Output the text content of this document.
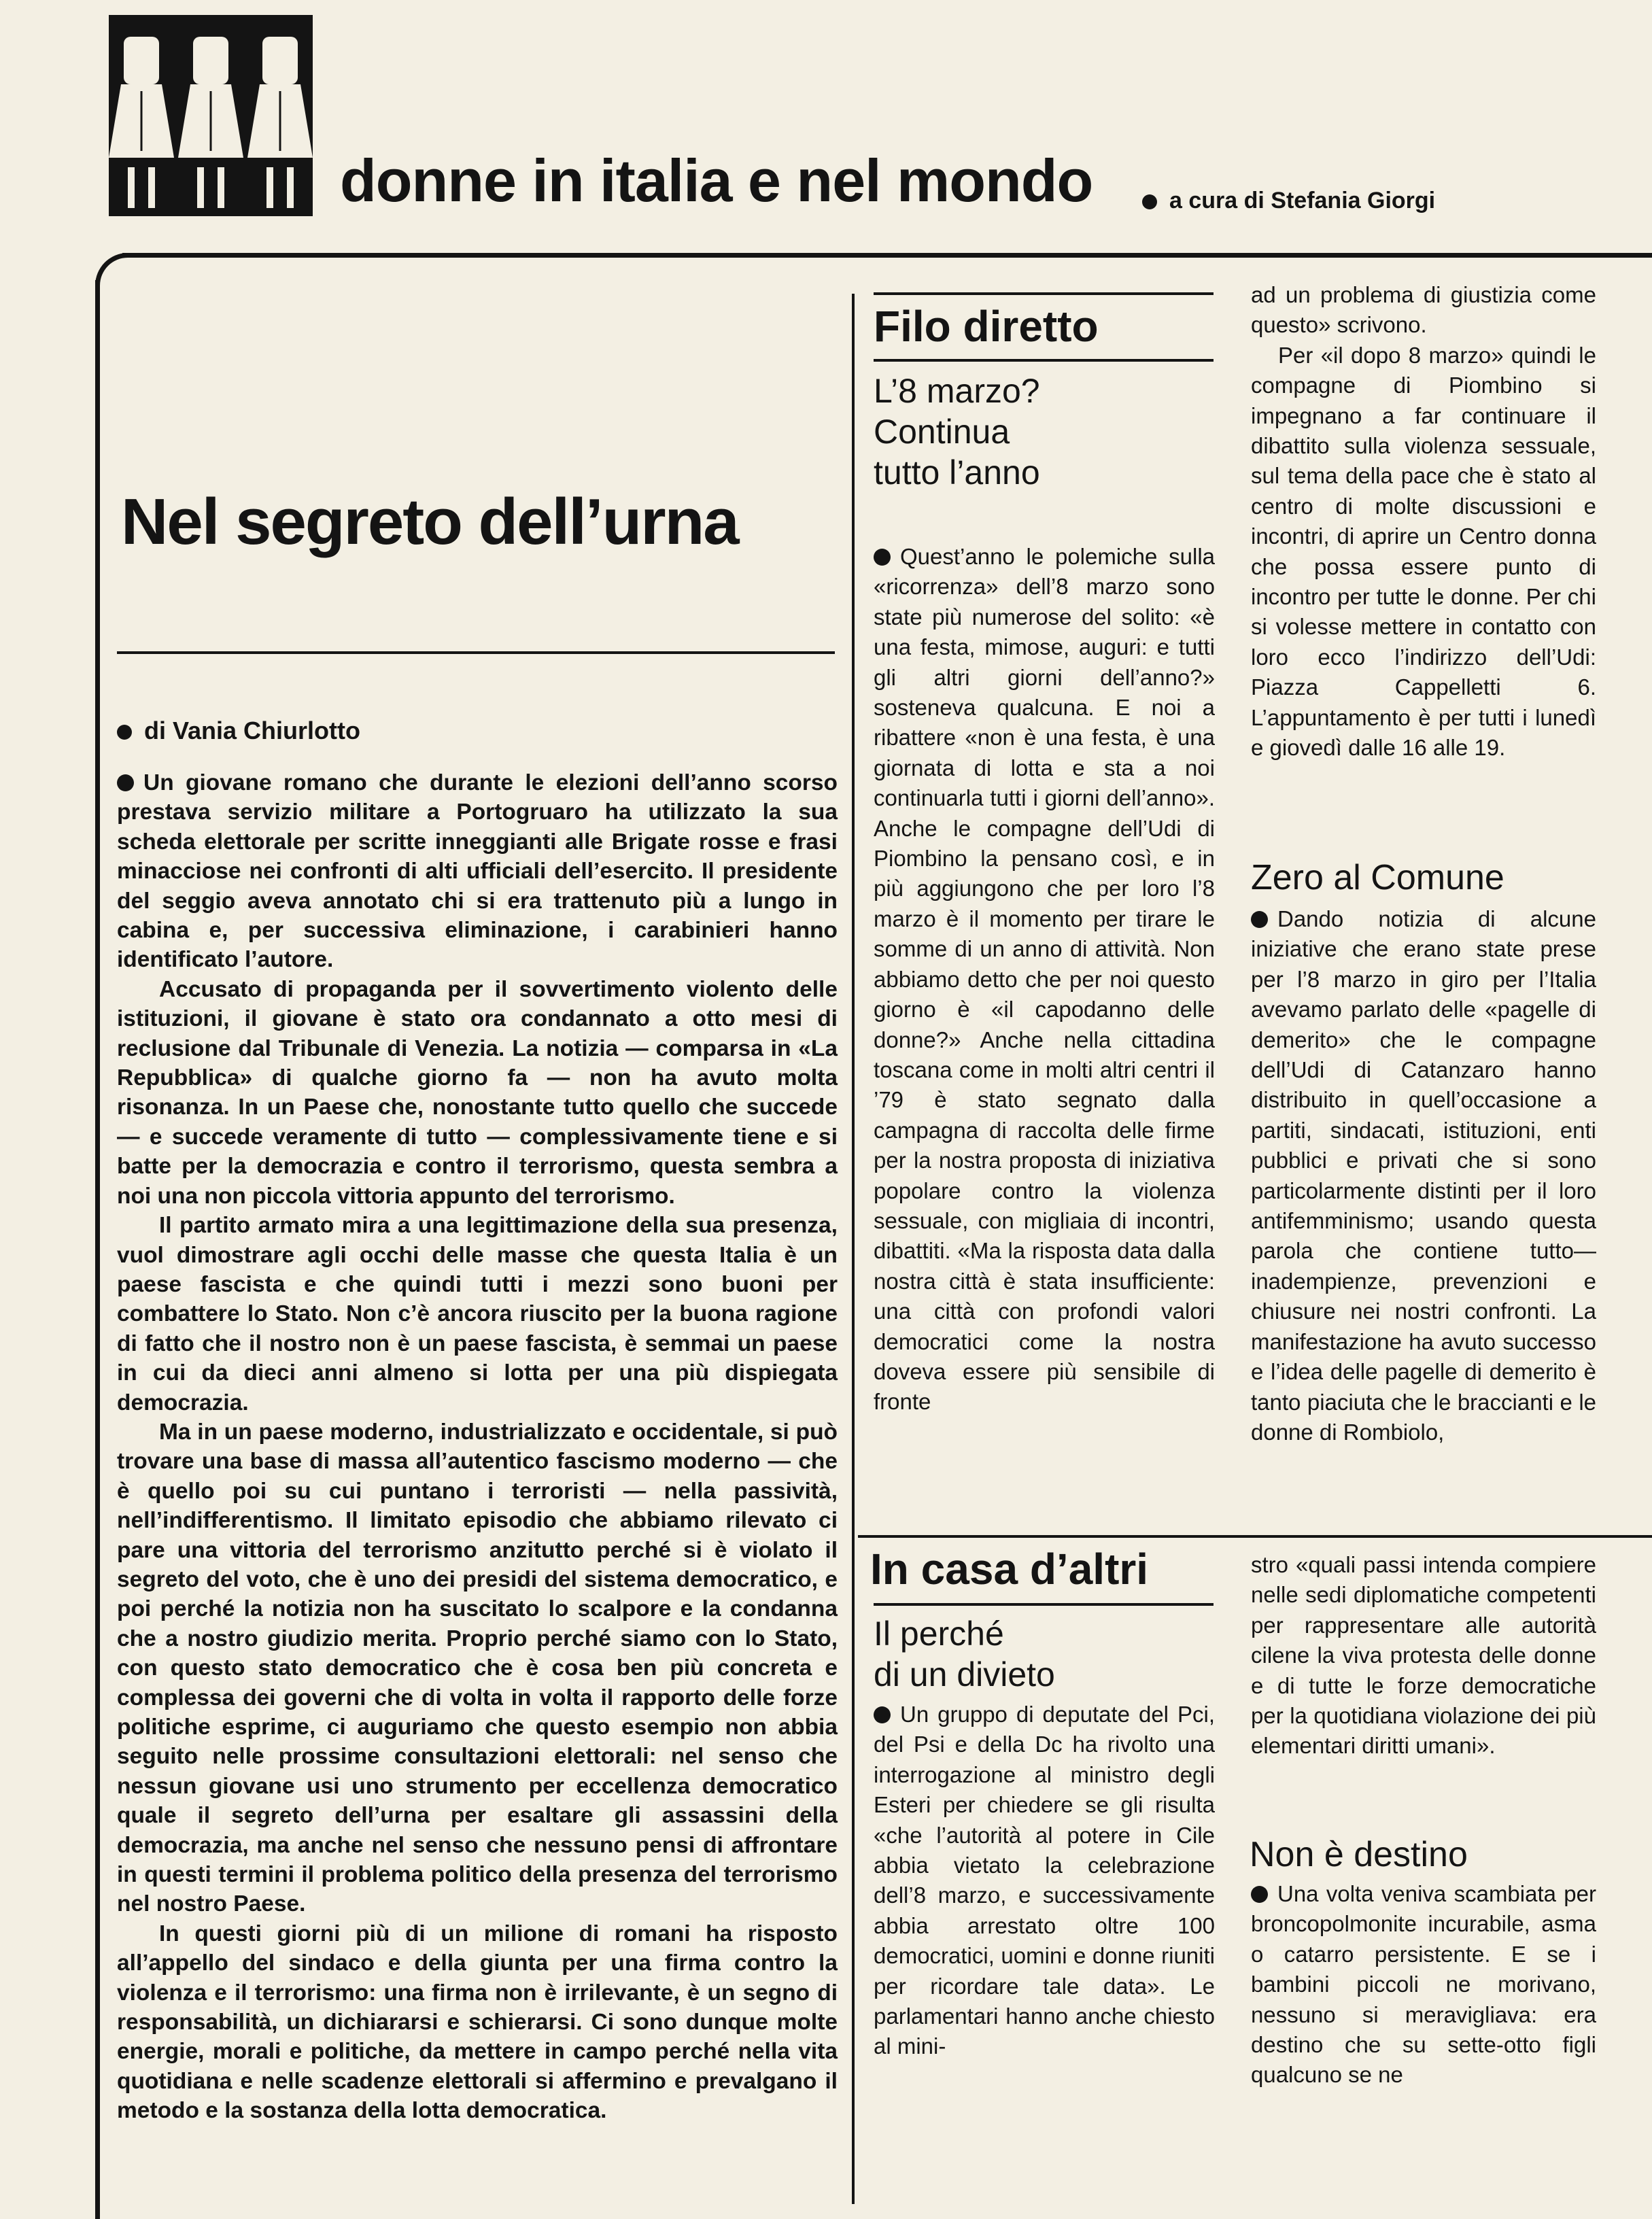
donne in italia e nel mondo	a cura di Stefania Giorgi
Nel segreto dell’urna
di Vania Chiurlotto

Un giovane romano che durante le elezioni dell’anno scorso prestava servizio militare a Portogruaro ha utilizzato la sua scheda elettorale per scritte inneggianti alle Brigate rosse e frasi minacciose nei confronti di alti ufficiali dell’esercito. Il presidente del seggio aveva annotato chi si era trattenuto più a lungo in cabina e, per successiva eliminazione, i carabinieri hanno identificato l’autore.

Accusato di propaganda per il sovvertimento violento delle istituzioni, il giovane è stato ora condannato a otto mesi di reclusione dal Tribunale di Venezia. La notizia — comparsa in «La Repubblica» di qualche giorno fa — non ha avuto molta risonanza. In un Paese che, nonostante tutto quello che succede — e succede veramente di tutto — complessivamente tiene e si batte per la democrazia e contro il terrorismo, questa sembra a noi una non piccola vittoria appunto del terrorismo.

Il partito armato mira a una legittimazione della sua presenza, vuol dimostrare agli occhi delle masse che questa Italia è un paese fascista e che quindi tutti i mezzi sono buoni per combattere lo Stato. Non c’è ancora riuscito per la buona ragione di fatto che il nostro non è un paese fascista, è semmai un paese in cui da dieci anni almeno si lotta per una più dispiegata democrazia.

Ma in un paese moderno, industrializzato e occidentale, si può trovare una base di massa all’autentico fascismo moderno — che è quello poi su cui puntano i terroristi — nella passività, nell’indifferentismo. Il limitato episodio che abbiamo rilevato ci pare una vittoria del terrorismo anzitutto perché si è violato il segreto del voto, che è uno dei presidi del sistema democratico, e poi perché la notizia non ha suscitato lo scalpore e la condanna che a nostro giudizio merita. Proprio perché siamo con lo Stato, con questo stato democratico che è cosa ben più concreta e complessa dei governi che di volta in volta il rapporto delle forze politiche esprime, ci auguriamo che questo esempio non abbia seguito nelle prossime consultazioni elettorali: nel senso che nessun giovane usi uno strumento per eccellenza democratico quale il segreto dell’urna per esaltare gli assassini della democrazia, ma anche nel senso che nessuno pensi di affrontare in questi termini il problema politico della presenza del terrorismo nel nostro Paese.

In questi giorni più di un milione di romani ha risposto all’appello del sindaco e della giunta per una firma contro la violenza e il terrorismo: una firma non è irrilevante, è un segno di responsabilità, un dichiararsi e schierarsi. Ci sono dunque molte energie, morali e politiche, da mettere in campo perché nella vita quotidiana e nelle scadenze elettorali si affermino e prevalgano il metodo e la sostanza della lotta democratica.

Filo diretto
L’8 marzo?
Continua
tutto l’anno

Quest’anno le polemiche sulla «ricorrenza» dell’8 marzo sono state più numerose del solito: «è una festa, mimose, auguri: e tutti gli altri giorni dell’anno?» sosteneva qualcuna. E noi a ribattere «non è una festa, è una giornata di lotta e sta a noi continuarla tutti i giorni dell’anno». Anche le compagne dell’Udi di Piombino la pensano così, e in più aggiungono che per loro l’8 marzo è il momento per tirare le somme di un anno di attività. Non abbiamo detto che per noi questo giorno è «il capodanno delle donne?» Anche nella cittadina toscana come in molti altri centri il ’79 è stato segnato dalla campagna di raccolta delle firme per la nostra proposta di iniziativa popolare contro la violenza sessuale, con migliaia di incontri, dibattiti. «Ma la risposta data dalla nostra città è stata insufficiente: una città con profondi valori democratici come la nostra doveva essere più sensibile di fronte

ad un problema di giustizia come questo» scrivono.

Per «il dopo 8 marzo» quindi le compagne di Piombino si impegnano a far continuare il dibattito sulla violenza sessuale, sul tema della pace che è stato al centro di molte discussioni e incontri, di aprire un Centro donna che possa essere punto di incontro per tutte le donne. Per chi si volesse mettere in contatto con loro ecco l’indirizzo dell’Udi: Piazza Cappelletti 6. L’appuntamento è per tutti i lunedì e giovedì dalle 16 alle 19.

Zero al Comune

Dando notizia di alcune iniziative che erano state prese per l’8 marzo in giro per l’Italia avevamo parlato delle «pagelle di demerito» che le compagne dell’Udi di Catanzaro hanno distribuito in quell’occasione a partiti, sindacati, istituzioni, enti pubblici e privati che si sono particolarmente distinti per il loro antifemminismo; usando questa parola che contiene tutto—inadempienze, prevenzioni e chiusure nei nostri confronti. La manifestazione ha avuto successo e l’idea delle pagelle di demerito è tanto piaciuta che le braccianti e le donne di Rombiolo,

In casa d’altri
Il perché
di un divieto

Un gruppo di deputate del Pci, del Psi e della Dc ha rivolto una interrogazione al ministro degli Esteri per chiedere se gli risulta «che l’autorità al potere in Cile abbia vietato la celebrazione dell’8 marzo, e successivamente abbia arrestato oltre 100 democratici, uomini e donne riuniti per ricordare tale data». Le parlamentari hanno anche chiesto al mini-

stro «quali passi intenda compiere nelle sedi diplomatiche competenti per rappresentare alle autorità cilene la viva protesta delle donne e di tutte le forze democratiche per la quotidiana violazione dei più elementari diritti umani».

Non è destino

Una volta veniva scambiata per broncopolmonite incurabile, asma o catarro persistente. E se i bambini piccoli ne morivano, nessuno si meravigliava: era destino che su sette-otto figli qualcuno se ne
